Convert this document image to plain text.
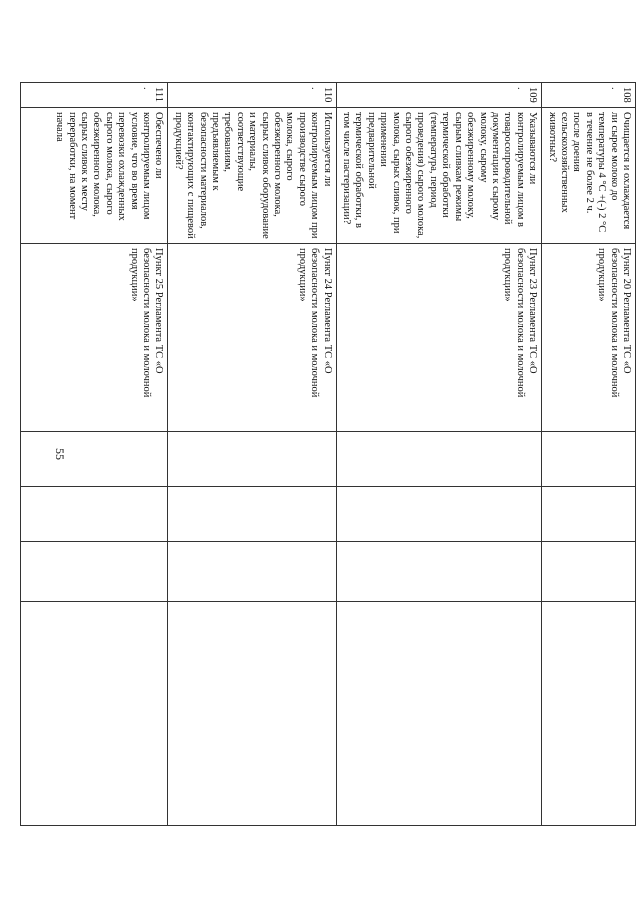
55
108.	Очищается и охлаждается ли сырое молоко до температуры 4 °С +(-) 2 °С в течение не более 2 ч. после доения сельскохозяйственных животных?	Пункт 20 Регламента ТС «О безопасности молока и молочной продукции»				
109.	Указываются ли контролируемым лицом в товаросопроводительной документации к сырому молоку, сырому обезжиренному молоку, сырым сливкам режимы термической обработки (температура, период проведения) сырого молока, сырого обезжиренного молока, сырых сливок, при применении предварительной термической обработки, в том числе пастеризации?	Пункт 23 Регламента ТС «О безопасности молока и молочной продукции»				
110.	Используется ли контролируемым лицом при производстве сырого молока, сырого обезжиренного молока, сырых сливок оборудование и материалы, соответствующие требованиям, предъявляемым к безопасности материалов, контактирующих с пищевой продукцией?	Пункт 24 Регламента ТС «О безопасности молока и молочной продукции»				
111.	Обеспечено ли контролируемым лицом условие, что во время перевозки охлажденных сырого молока, сырого обезжиренного молока, сырых сливок к месту переработки, на момент начала	Пункт 25 Регламента ТС «О безопасности молока и молочной продукции»				
